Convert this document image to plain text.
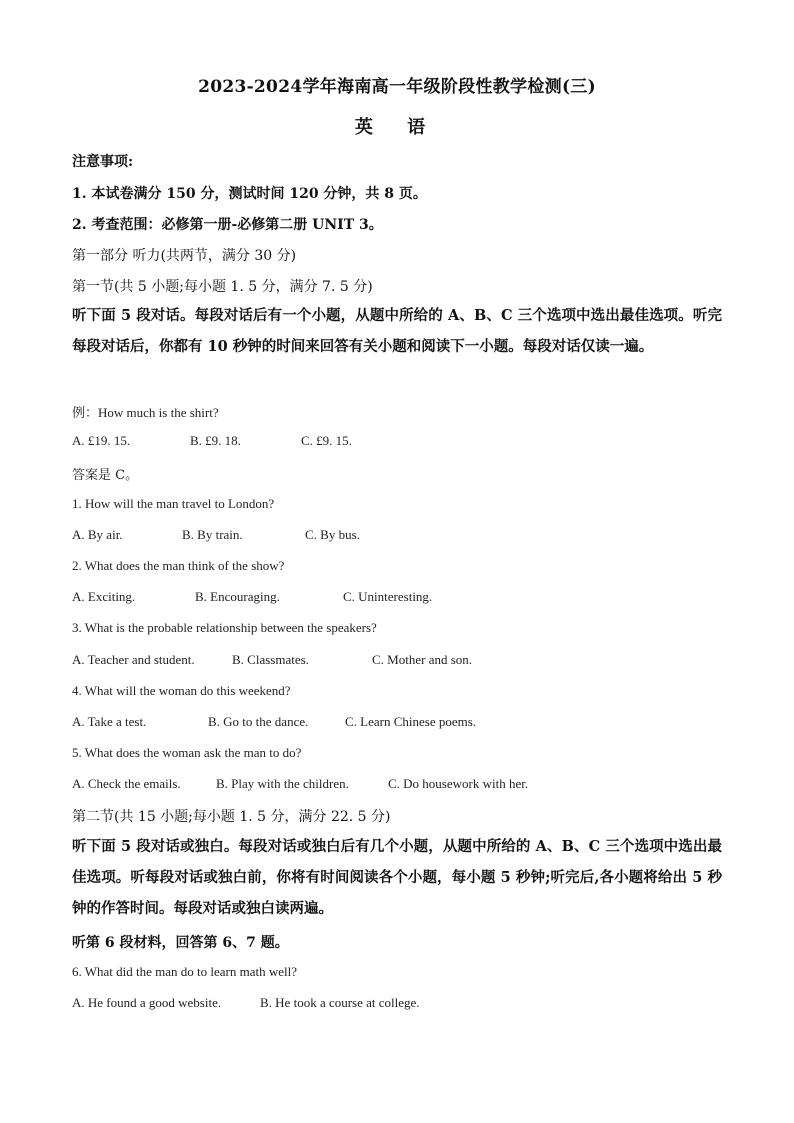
2023-2024学年海南高一年级阶段性教学检测(三)
英 语
注意事项:
1. 本试卷满分 150 分，测试时间 120 分钟，共 8 页。
2. 考查范围：必修第一册-必修第二册 UNIT 3。
第一部分 听力(共两节，满分 30 分)
第一节(共 5 小题;每小题 1. 5 分，满分 7. 5 分)
听下面 5 段对话。每段对话后有一个小题，从题中所给的 A、B、C 三个选项中选出最佳选项。听完每段对话后，你都有 10 秒钟的时间来回答有关小题和阅读下一小题。每段对话仅读一遍。
例：How much is the shirt?
A. £19. 15.	B. £9. 18.	C. £9. 15.
答案是 C。
1. How will the man travel to London?
A. By air.	B. By train.	C. By bus.
2. What does the man think of the show?
A. Exciting.	B. Encouraging.	C. Uninteresting.
3. What is the probable relationship between the speakers?
A. Teacher and student.	B. Classmates.	C. Mother and son.
4. What will the woman do this weekend?
A. Take a test.	B. Go to the dance.	C. Learn Chinese poems.
5. What does the woman ask the man to do?
A. Check the emails.	B. Play with the children.	C. Do housework with her.
第二节(共 15 小题;每小题 1. 5 分，满分 22. 5 分)
听下面 5 段对话或独白。每段对话或独白后有几个小题，从题中所给的 A、B、C 三个选项中选出最佳选项。听每段对话或独白前，你将有时间阅读各个小题，每小题 5 秒钟;听完后,各小题将给出 5 秒钟的作答时间。每段对话或独白读两遍。
听第 6 段材料，回答第 6、7 题。
6. What did the man do to learn math well?
A. He found a good website.	B. He took a course at college.
